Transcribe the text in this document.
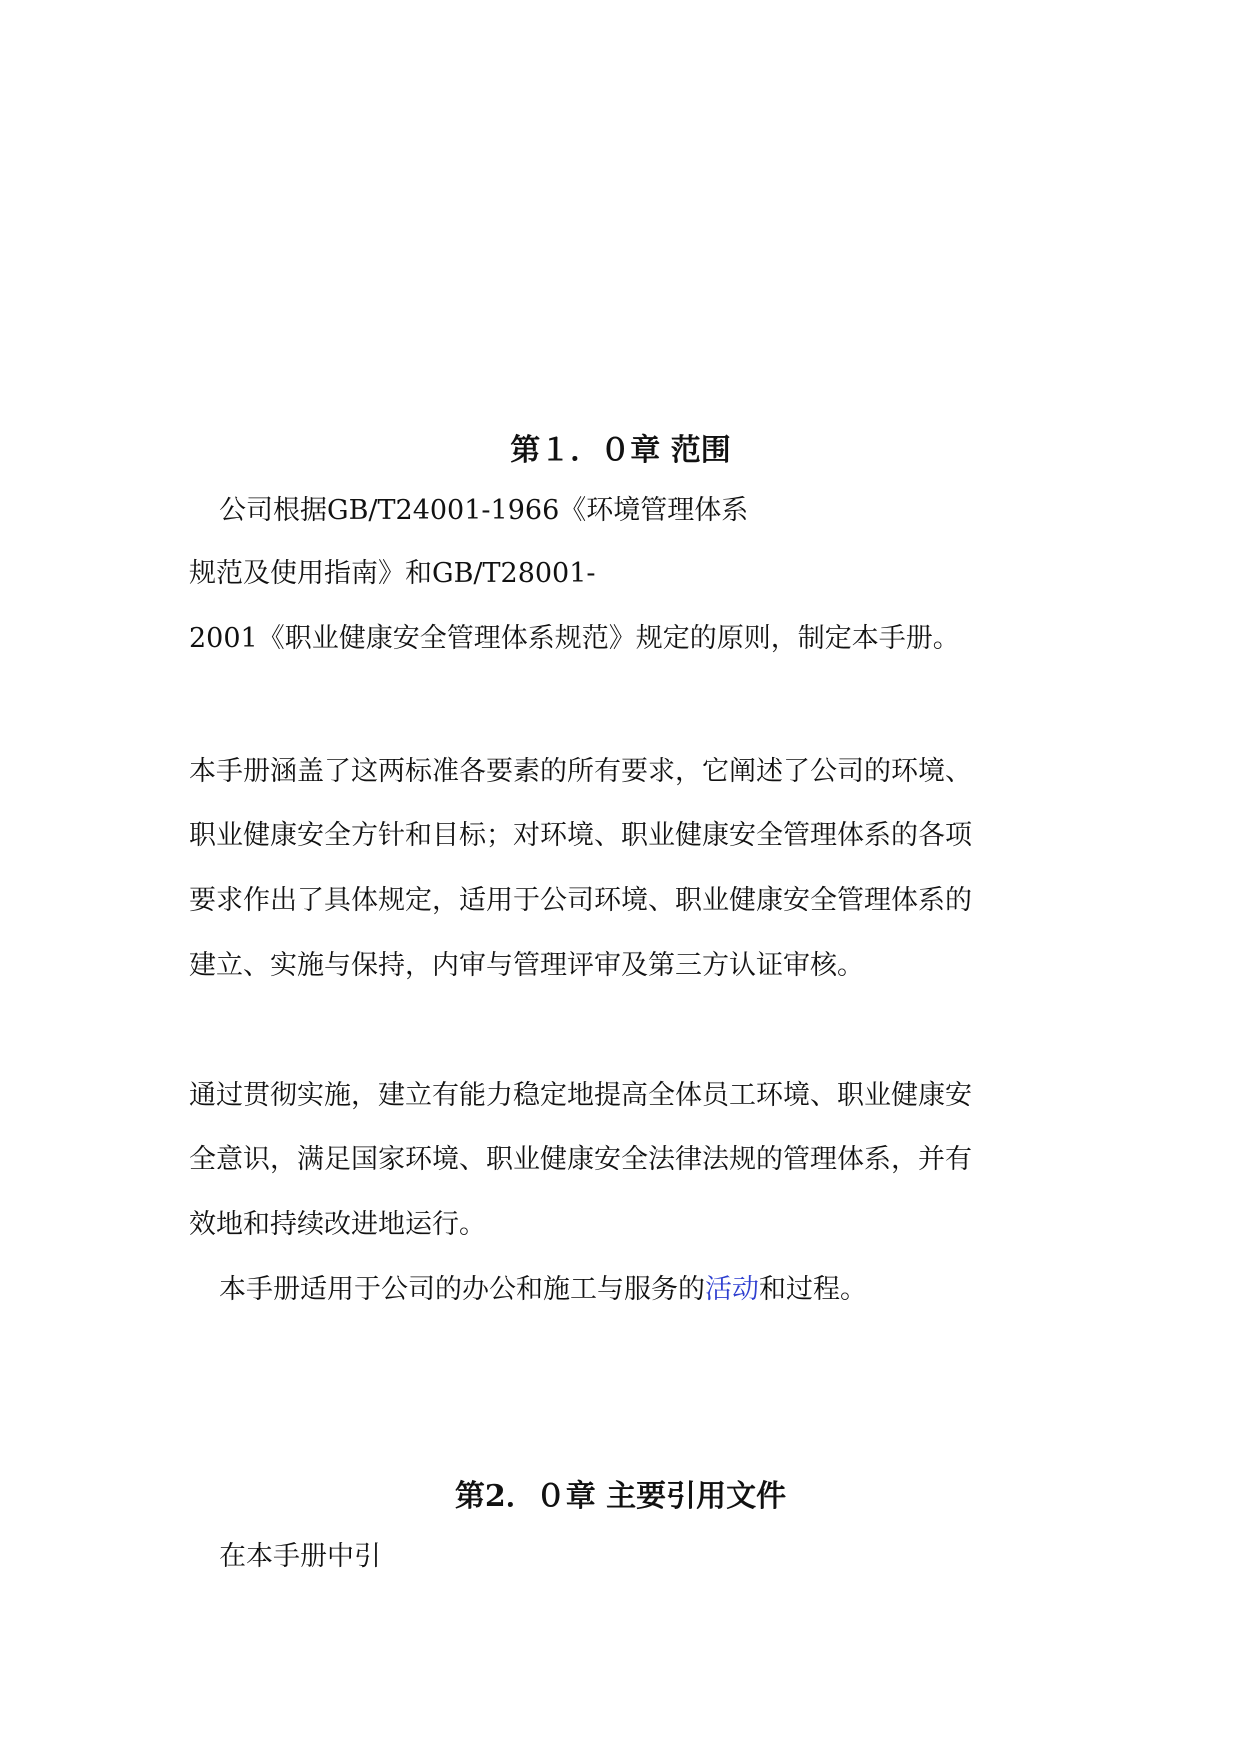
第１．０章 范围
公司根据GB/T24001-1966《环境管理体系
规范及使用指南》和GB/T28001-
2001《职业健康安全管理体系规范》规定的原则，制定本手册。
本手册涵盖了这两标准各要素的所有要求，它阐述了公司的环境、
职业健康安全方针和目标；对环境、职业健康安全管理体系的各项
要求作出了具体规定，适用于公司环境、职业健康安全管理体系的
建立、实施与保持，内审与管理评审及第三方认证审核。
通过贯彻实施，建立有能力稳定地提高全体员工环境、职业健康安
全意识，满足国家环境、职业健康安全法律法规的管理体系，并有
效地和持续改进地运行。
本手册适用于公司的办公和施工与服务的活动和过程。
第2．０章 主要引用文件
在本手册中引
